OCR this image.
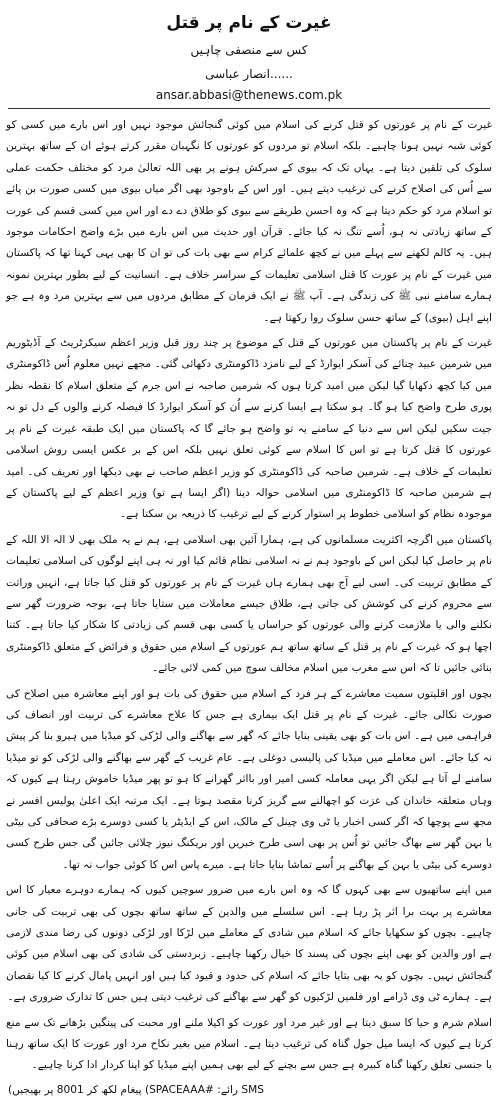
غیرت کے نام پر قتل
کس سے منصفی چاہیں
......انصار عباسی
ansar.abbasi@thenews.com.pk

غیرت کے نام پر عورتوں کو قتل کرنے کی اسلام میں کوئی گنجائش موجود نہیں اور اس بارے میں کسی کو کوئی شبہ نہیں ہونا چاہیے۔ بلکہ اسلام تو مردوں کو عورتوں کا نگہبان مقرر کرتے ہوئے ان کے ساتھ بہترین سلوک کی تلقین دیتا ہے۔ یہاں تک کہ بیوی کے سرکش ہونے پر بھی اللہ تعالیٰ مرد کو مختلف حکمت عملی سے اُس کی اصلاح کرنے کی ترغیب دیتے ہیں۔ اور اس کے باوجود بھی اگر میاں بیوی میں کسی صورت بن پائے تو اسلام مرد کو حکم دیتا ہے کہ وہ احسن طریقے سے بیوی کو طلاق دے دے اور اس میں کسی قسم کی عورت کے ساتھ زیادتی نہ ہو، اُسے تنگ نہ کیا جائے۔ قرآن اور حدیث میں اس بارے میں بڑے واضح احکامات موجود ہیں۔ یہ کالم لکھنے سے پہلے میں نے کچھ علمائے کرام سے بھی بات کی تو ان کا بھی یہی کہنا تھا کہ پاکستان میں غیرت کے نام پر عورت کا قتل اسلامی تعلیمات کے سراسر خلاف ہے۔ انسانیت کے لیے بطور بہترین نمونہ ہمارے سامنے نبی ﷺ کی زندگی ہے۔ آپ ﷺ نے ایک فرمان کے مطابق مردوں میں سے بہترین مرد وہ ہے جو اپنے اہل (بیوی) کے ساتھ حسن سلوک روا رکھتا ہے۔

غیرت کے نام پر پاکستان میں عورتوں کے قتل کے موضوع پر چند روز قبل وزیر اعظم سیکرٹریٹ کے آڈیٹوریم میں شرمین عبید چنائے کی آسکر ایوارڈ کے لیے نامزد ڈاکومنٹری دکھائی گئی۔ مجھے نہیں معلوم اُس ڈاکومنٹری میں کیا کچھ دکھایا گیا لیکن میں امید کرتا ہوں کہ شرمین صاحبہ نے اس جرم کے متعلق اسلام کا نقطہ نظر پوری طرح واضح کیا ہو گا۔ ہو سکتا ہے ایسا کرنے سے اُن کو آسکر ایوارڈ کا فیصلہ کرنے والوں کے دل تو نہ جیت سکیں لیکن اس سے دنیا کے سامنے یہ تو واضح ہو جائے گا کہ پاکستان میں ایک طبقہ غیرت کے نام پر عورتوں کا قتل کرتا ہے تو اس کا اسلام سے کوئی تعلق نہیں بلکہ اس کے بر عکس ایسی روش اسلامی تعلیمات کے خلاف ہے۔ شرمین صاحبہ کی ڈاکومنٹری کو وزیر اعظم صاحب نے بھی دیکھا اور تعریف کی۔ امید ہے شرمین صاحبہ کا ڈاکومنٹری میں اسلامی حوالہ دینا (اگر ایسا ہے تو) وزیر اعظم کے لیے پاکستان کے موجودہ نظام کو اسلامی خطوط پر استوار کرنے کے لیے ترغیب کا ذریعہ بن سکتا ہے۔

پاکستان میں اگرچہ اکثریت مسلمانوں کی ہے، ہمارا آئین بھی اسلامی ہے، ہم نے یہ ملک بھی لا الہ الا اللہ کے نام پر حاصل کیا لیکن اس کے باوجود ہم نے نہ اسلامی نظام قائم کیا اور نہ ہی اپنے لوگوں کی اسلامی تعلیمات کے مطابق تربیت کی۔ اسی لیے آج بھی ہمارے ہاں غیرت کے نام پر عورتوں کو قتل کیا جاتا ہے، انہیں وراثت سے محروم کرنے کی کوشش کی جاتی ہے، طلاق جیسے معاملات میں ستایا جاتا ہے، بوجہ ضرورت گھر سے نکلنے والی یا ملازمت کرنے والی عورتوں کو حراساں یا کسی بھی قسم کی زیادتی کا شکار کیا جاتا ہے۔ کتنا اچھا ہو کہ غیرت کے نام پر قتل کے ساتھ ساتھ ہم عورتوں کے اسلام میں حقوق و فرائض کے متعلق ڈاکومنٹری بنائی جائیں تا کہ اس سے مغرب میں اسلام مخالف سوچ میں کمی لائی جائے۔

بچوں اور اقلیتوں سمیت معاشرے کے ہر فرد کے اسلام میں حقوق کی بات ہو اور اپنے معاشرہ میں اصلاح کی صورت نکالی جائے۔ غیرت کے نام پر قتل ایک بیماری ہے جس کا علاج معاشرے کی تربیت اور انصاف کی فراہمی میں ہے۔ اس بات کو بھی یقینی بنایا جائے کہ گھر سے بھاگنے والی لڑکی کو میڈیا میں ہیرو بنا کر پیش نہ کیا جائے۔ اس معاملے میں میڈیا کی پالیسی دوغلی ہے۔ عام غریب کے گھر سے بھاگنے والی لڑکی کو تو میڈیا سامنے لے آتا ہے لیکن اگر یہی معاملہ کسی امیر اور بااثر گھرانے کا ہو تو پھر میڈیا خاموش رہتا ہے کیوں کہ وہاں متعلقہ خاندان کی عزت کو اچھالنے سے گریز کرنا مقصد ہوتا ہے۔ ایک مرتبہ ایک اعلیٰ پولیس افسر نے مجھ سے پوچھا کہ اگر کسی اخبار یا ٹی وی چینل کے مالک، اس کے ایڈیٹر یا کسی دوسرے بڑے صحافی کی بیٹی یا بہن گھر سے بھاگ جائیں تو اُس پر بھی اسی طرح خبریں اور بریکنگ نیوز چلائی جائیں گی جس طرح کسی دوسرے کی بیٹی یا بہن کے بھاگنے پر اُسے تماشا بنایا جاتا ہے۔ میرے پاس اس کا کوئی جواب نہ تھا۔

میں اپنے ساتھیوں سے بھی کہوں گا کہ وہ اس بارے میں ضرور سوچیں کیوں کہ ہمارے دوہرے معیار کا اس معاشرے پر بہت برا اثر پڑ رہا ہے۔ اس سلسلے میں والدین کے ساتھ ساتھ بچوں کی بھی تربیت کی جانی چاہیے۔ بچوں کو سکھایا جائے کہ اسلام میں شادی کے معاملے میں لڑکا اور لڑکی دونوں کی رضا مندی لازمی ہے اور والدین کو بھی اپنے بچوں کی پسند کا خیال رکھنا چاہیے۔ زبردستی کی شادی کی بھی اسلام میں کوئی گنجائش نہیں۔ بچوں کو یہ بھی بتایا جائے کہ اسلام کی حدود و قیود کیا ہیں اور انہیں پامال کرنے کا کیا نقصان ہے۔ ہمارے ٹی وی ڈرامے اور فلمیں لڑکیوں کو گھر سے بھاگنے کی ترغیب دیتی ہیں جس کا تدارک ضروری ہے۔

اسلام شرم و حیا کا سبق دیتا ہے اور غیر مرد اور عورت کو اکیلا ملنے اور محبت کی پینگیں بڑھانے تک سے منع کرتا ہے کیوں کہ ایسا میل جول گناہ کی ترغیب دیتا ہے۔ اسلام میں بغیر نکاح مرد اور عورت کا ایک ساتھ رہنا یا جنسی تعلق رکھنا گناہ کبیرہ ہے جس سے بچنے کے لیے بھی ہمیں اپنے میڈیا کو اپنا کردار ادا کرنا چاہیے۔

SMS رائے: #SPACEAAA) پیغام لکھ کر 8001 پر بھیجیں)
